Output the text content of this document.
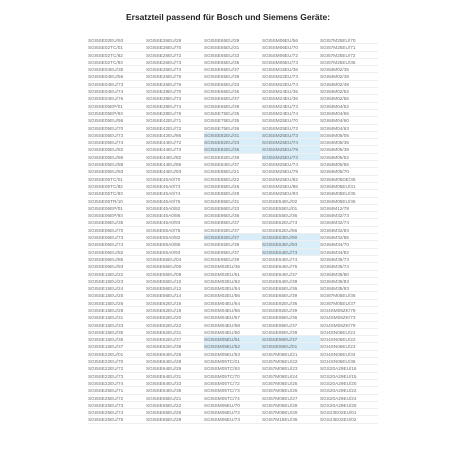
Ersatzteil passend für Bosch und Siemens Geräte:
SGI5SE02EU/93
SGI5SE02TC/01
SGI5SE02TC/82
SGI5SE02TC/93
SGI5SE04EU/35
SGI5SE04EU/56
SGI5SE04EU/73
SGI5SE04EU/74
SGI5SE04EU/76
SGI5SE05EP/01
SGI5SE05EP/93
SGI5SE05EU/56
SGI5SE05EU/70
SGI5SE05EU/73
SGI5SE05EU/74
SGI5SE05EU/82
SGI5SE05EU/86
SGI5SE05EU/88
SGI5SE05EU/93
SGI5SE05TC/01
SGI5SE05TC/82
SGI5SE05TC/93
SGI5SE05TR/10
SGI5SE06EP/01
SGI5SE06EP/93
SGI5SE06EU/35
SGI5SE06EU/70
SGI5SE06EU/73
SGI5SE06EU/74
SGI5SE06EU/82
SGI5SE06EU/86
SGI5SE06EU/93
SGI5SE15EU/22
SGI5SE15EU/23
SGI5SE15EU/24
SGI5SE15EU/25
SGI5SE15EU/26
SGI5SE15EU/28
SGI5SE15EU/31
SGI5SE15EU/33
SGI5SE15EU/35
SGI5SE15EU/36
SGI5SE15EU/37
SGI5SE22EU/01
SGI5SE22EU/70
SGI5SE22EU/72
SGI5SE22EU/73
SGI5SE22EU/74
SGI5SE25EU/71
SGI5SE25EU/72
SGI5SE25EU/73
SGI5SE25EU/74
SGI5SE25EU/75
SGI5SE26EU/29
SGI5SE26EU/70
SGI5SE26EU/72
SGI5SE26EU/73
SGI5SE26EU/74
SGI5SE26EU/75
SGI5SE26EU/76
SGI5SE28EU/70
SGI5SE28EU/73
SGI5SE28EU/74
SGI5SE28EU/76
SGI5SE42EU/71
SGI5SE42EU/72
SGI5SE42EU/86
SGI5SE44EU/72
SGI5SE44EU/73
SGI5SE44EU/82
SGI5SE44EU/86
SGI5SE44EU/93
SGI5SE45A0/70
SGI5SE45A0/73
SGI5SE45A0/74
SGI5SE45A0/76
SGI5SE45A0/82
SGI5SE45A0/86
SGI5SE45A0/93
SGI5SE55A0/76
SGI5SE55A0/82
SGI5SE55A0/86
SGI5SE55A0/93
SGI5SE56EU/04
SGI5SE56EU/06
SGI5SE56EU/08
SGI5SE56EU/10
SGI5SE56EU/12
SGI5SE56EU/14
SGI5SE62EU/16
SGI5SE62EU/19
SGI5SE62EU/20
SGI5SE62EU/22
SGI5SE62EU/31
SGI5SE62EU/37
SGI5SE62EU/39
SGI5SE64EU/26
SGI5SE64EU/28
SGI5SE64EU/29
SGI5SE64EU/31
SGI5SE64EU/33
SGI5SE64EU/35
SGI5SE65EU/21
SGI5SE65EU/22
SGI5SE65EU/26
SGI5SE65EU/28
SGI5SE65EU/29
SGI5SE65EU/31
SGI5SE65EU/33
SGI5SE65EU/35
SGI5SE65EU/37
SGI5SE65EU/39
SGI5SE66EU/33
SGI5SE66EU/36
SGI5SE66EU/37
SGI5SE66EU/39
SGI5SE75EU/35
SGI5SE75EU/35
SGI5SE75EU/36
SGI5SE82EU/31
SGI5SE82EU/33
SGI5SE82EU/36
SGI5SE82EU/39
SGI5SE84EU/37
SGI5SE85EU/21
SGI5SE85EU/22
SGI5SE85EU/26
SGI5SE85EU/28
SGI5SE86EU/31
SGI5SE86EU/33
SGI5SE86EU/36
SGI5SE86EU/37
SGI5SE92EU/37
SGI5SE92EU/37
SGI5SE92EU/39
SGI5SE95EU/37
SGI5SE95EU/39
SGI5SM02EU/36
SGI5SM02EU/51
SGI5SM02EU/52
SGI5SM02EU/54
SGI5SM02EU/56
SGI5SM04EU/54
SGI5SM04EU/56
SGI5SM04EU/57
SGI5SM04EU/58
SGI5SM04EU/50
SGI5SM05EU/51
SGI5SM05EU/52
SGI5SM05EU/53
SGI5SM05TC/01
SGI5SM05TC/93
SGI5SM05TC/70
SGI5SM05TC/72
SGI5SM05TC/73
SGI5SM05TC/74
SGI5SM06EU/70
SGI5SM06EU/72
SGI5SM06EU/73
SGI5SM06EU/56
SGI5SM06EU/70
SGI5SM06EU/72
SGI5SM06EU/73
SGI5SM15EU/36
SGI5SM22EU/73
SGI5SM22EU/74
SGI5SM24EU/35
SGI5SM24EU/36
SGI5SM24EU/73
SGI5SM24EU/74
SGI5SM25EU/70
SGI5SM25EU/72
SGI5SM25EU/73
SGI5SM25EU/74
SGI5SM25EU/79
SGI5SM25EU/73
SGI5SM25EU/74
SGI5SM25EU/79
SGI5SM25EU/82
SGI5SM25EU/86
SGI5SM25EU/93
SGI5SE54EU/02
SGI5SE55EU/01
SGI5SE55EU/36
SGI5SE62EU/73
SGI5SE62EU/86
SGI5SE63EU/90
SGI5SE63EU/93
SGI5SE64EU/73
SGI5SE64EU/74
SGI5SE64EU/76
SGI5SE64EU/37
SGI5SE64EU/39
SGI5SE65EU/36
SGI5SE65EU/39
SGI5SE92EU/36
SGI5SE92EU/39
SGI5SE95EU/36
SGI5SE95EU/37
SGI5SE95EU/39
SGI5SE96EU/37
SGI5SE96EU/01
SGI57M06EU/21
SGI57M06EU/22
SGI57M06EU/23
SGI57M06EU/24
SGI57M06EU/25
SGI57M06EU/26
SGI57M06EU/27
SGI57M06EU/28
SGI57M06EU/29
SGI57M15EU/35
SGI57M25EU/70
SGI57M25EU/71
SGI57M25EU/72
SGI57M25EU/36
SGI84M02/35
SGI84M02/38
SGI84M02/48
SGI84M02/52
SGI84M02/56
SGI84M04/52
SGI84M04/56
SGI84M04/60
SGI84M04/63
SGI84M05/05
SGI84M05/35
SGI84M05/38
SGI84M05/52
SGI84M05/56
SGI84M05/70
SGI84M05DE/36
SGI84M05EU/31
SGI84M05EU/35
SGI84M05EU/36
SGI84M12/78
SGI84M32/73
SGI84M32/74
SGI84M32/83
SGI84M32/86
SGI84M34/70
SGI84M34/82
SGI84M35/73
SGI84M35/74
SGI84M35/80
SGI84M35/83
SGI84M35/93
SGI87M05EU/36
SGI87M05EU/37
SGI4SM05ZK/79
SGI4SM05ZK/73
SGI4SM05ZK/79
SGI4SN06EU/21
SGI4SN06EU/22
SGI4SN06EU/23
SGI4SN06EU/34
SGI4SN06EU/36
SGS20A29EU/16
SGS20A29EU/15
SGS20A29EU/20
SGS20A29EU/22
SGS20A29EU/24
SGS20A29EU/25
SGS23E02EU/01
SGS23E02EU/02
